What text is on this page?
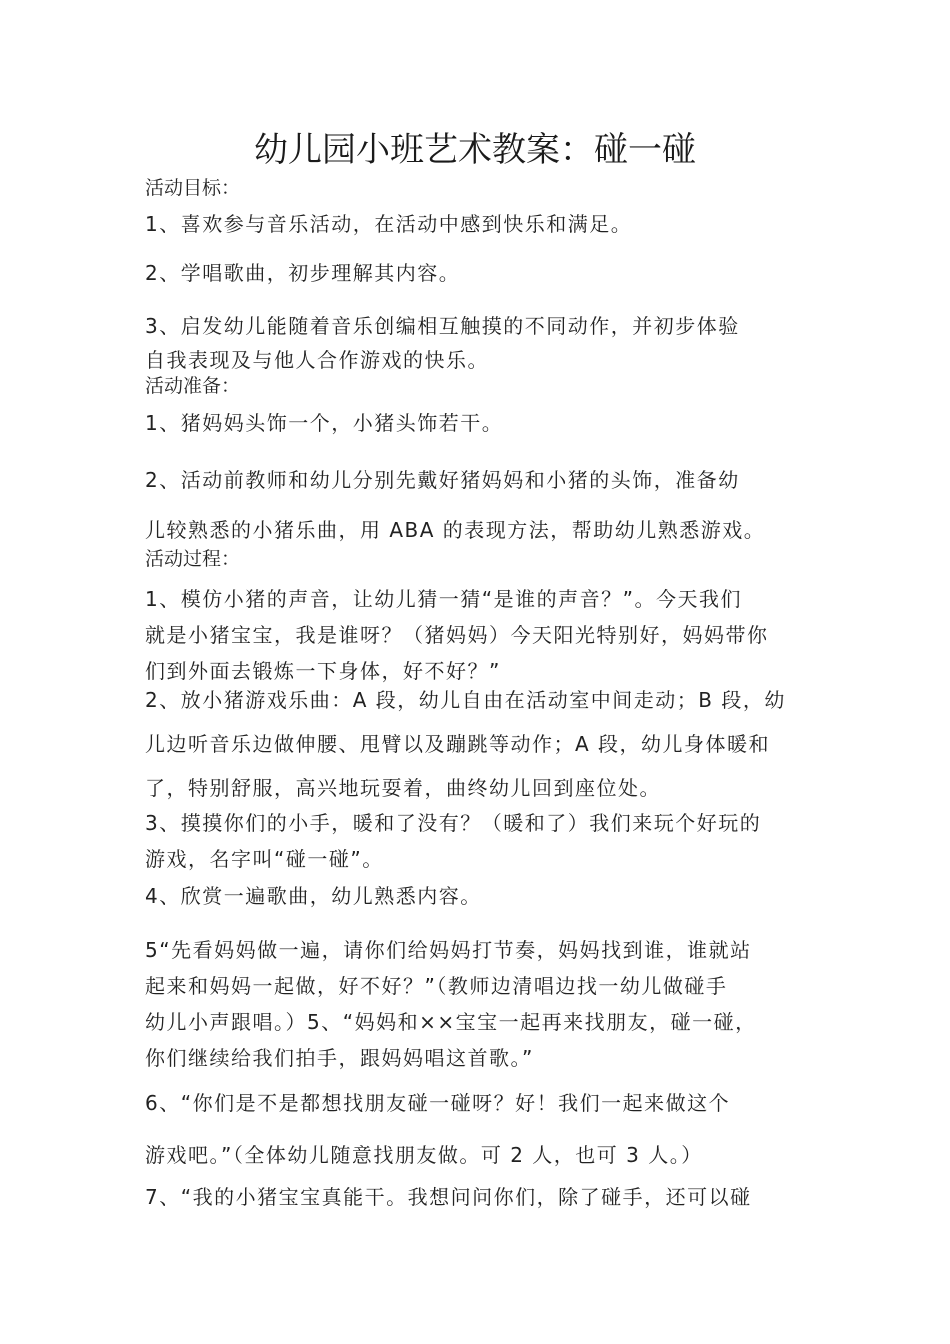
幼儿园小班艺术教案：碰一碰
活动目标：
1、喜欢参与音乐活动，在活动中感到快乐和满足。
2、学唱歌曲，初步理解其内容。
3、启发幼儿能随着音乐创编相互触摸的不同动作，并初步体验
自我表现及与他人合作游戏的快乐。
活动准备：
1、猪妈妈头饰一个，小猪头饰若干。
2、活动前教师和幼儿分别先戴好猪妈妈和小猪的头饰，准备幼
儿较熟悉的小猪乐曲，用 ABA 的表现方法，帮助幼儿熟悉游戏。
活动过程：
1、模仿小猪的声音，让幼儿猜一猜“是谁的声音？”。今天我们
就是小猪宝宝，我是谁呀？（猪妈妈）今天阳光特别好，妈妈带你
们到外面去锻炼一下身体，好不好？”
2、放小猪游戏乐曲：A 段，幼儿自由在活动室中间走动；B 段，幼
儿边听音乐边做伸腰、甩臂以及蹦跳等动作；A 段，幼儿身体暖和
了，特别舒服，高兴地玩耍着，曲终幼儿回到座位处。
3、摸摸你们的小手，暖和了没有？（暖和了）我们来玩个好玩的
游戏，名字叫“碰一碰”。
4、欣赏一遍歌曲，幼儿熟悉内容。
5“先看妈妈做一遍，请你们给妈妈打节奏，妈妈找到谁，谁就站
起来和妈妈一起做，好不好？”（教师边清唱边找一幼儿做碰手
幼儿小声跟唱。）5、“妈妈和××宝宝一起再来找朋友，碰一碰，
你们继续给我们拍手，跟妈妈唱这首歌。”
6、“你们是不是都想找朋友碰一碰呀？好！我们一起来做这个
游戏吧。”（全体幼儿随意找朋友做。可 2 人，也可 3 人。）
7、“我的小猪宝宝真能干。我想问问你们，除了碰手，还可以碰
